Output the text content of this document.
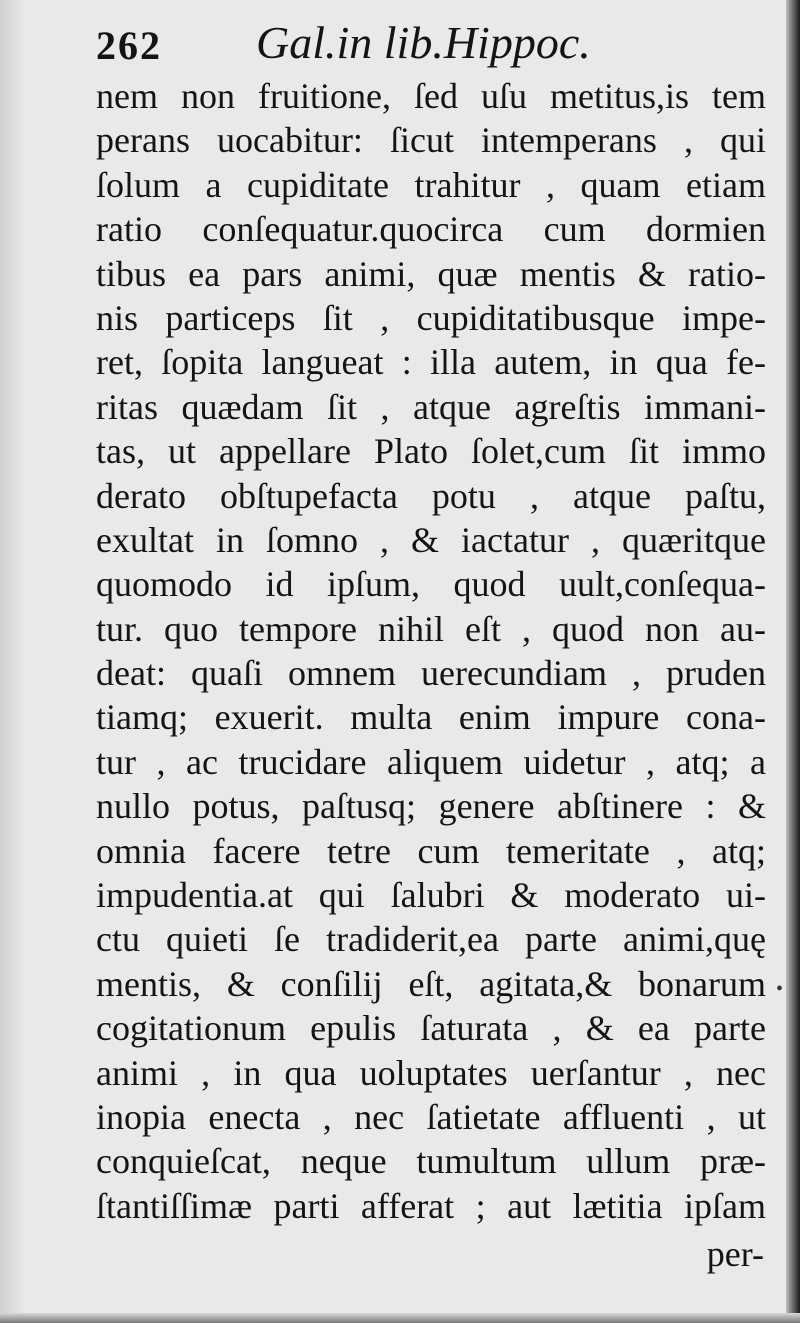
262 Gal.in lib.Hippoc.
nem non fruitione, ſed uſu metitus,is tem
perans uocabitur: ſicut intemperans , qui
ſolum a cupiditate trahitur , quam etiam
ratio conſequatur.quocirca cum dormien
tibus ea pars animi, quæ mentis & ratio-
nis particeps ſit , cupiditatibusque impe-
ret, ſopita langueat : illa autem, in qua fe-
ritas quædam ſit , atque agreſtis immani-
tas, ut appellare Plato ſolet,cum ſit immo
derato obſtupefacta potu , atque paſtu,
exultat in ſomno , & iactatur , quæritque
quomodo id ipſum, quod uult,conſequa-
tur. quo tempore nihil eſt , quod non au-
deat: quaſi omnem uerecundiam , pruden
tiamq; exuerit. multa enim impure cona-
tur , ac trucidare aliquem uidetur , atq; a
nullo potus, paſtusq; genere abſtinere : &
omnia facere tetre cum temeritate , atq;
impudentia.at qui ſalubri & moderato ui-
ctu quieti ſe tradiderit,ea parte animi,quę
mentis, & conſilij eſt, agitata,& bonarum
cogitationum epulis ſaturata , & ea parte
animi , in qua uoluptates uerſantur , nec
inopia enecta , nec ſatietate affluenti , ut
conquieſcat, neque tumultum ullum præ-
ſtantiſſimæ parti afferat ; aut lætitia ipſam
•
per-
